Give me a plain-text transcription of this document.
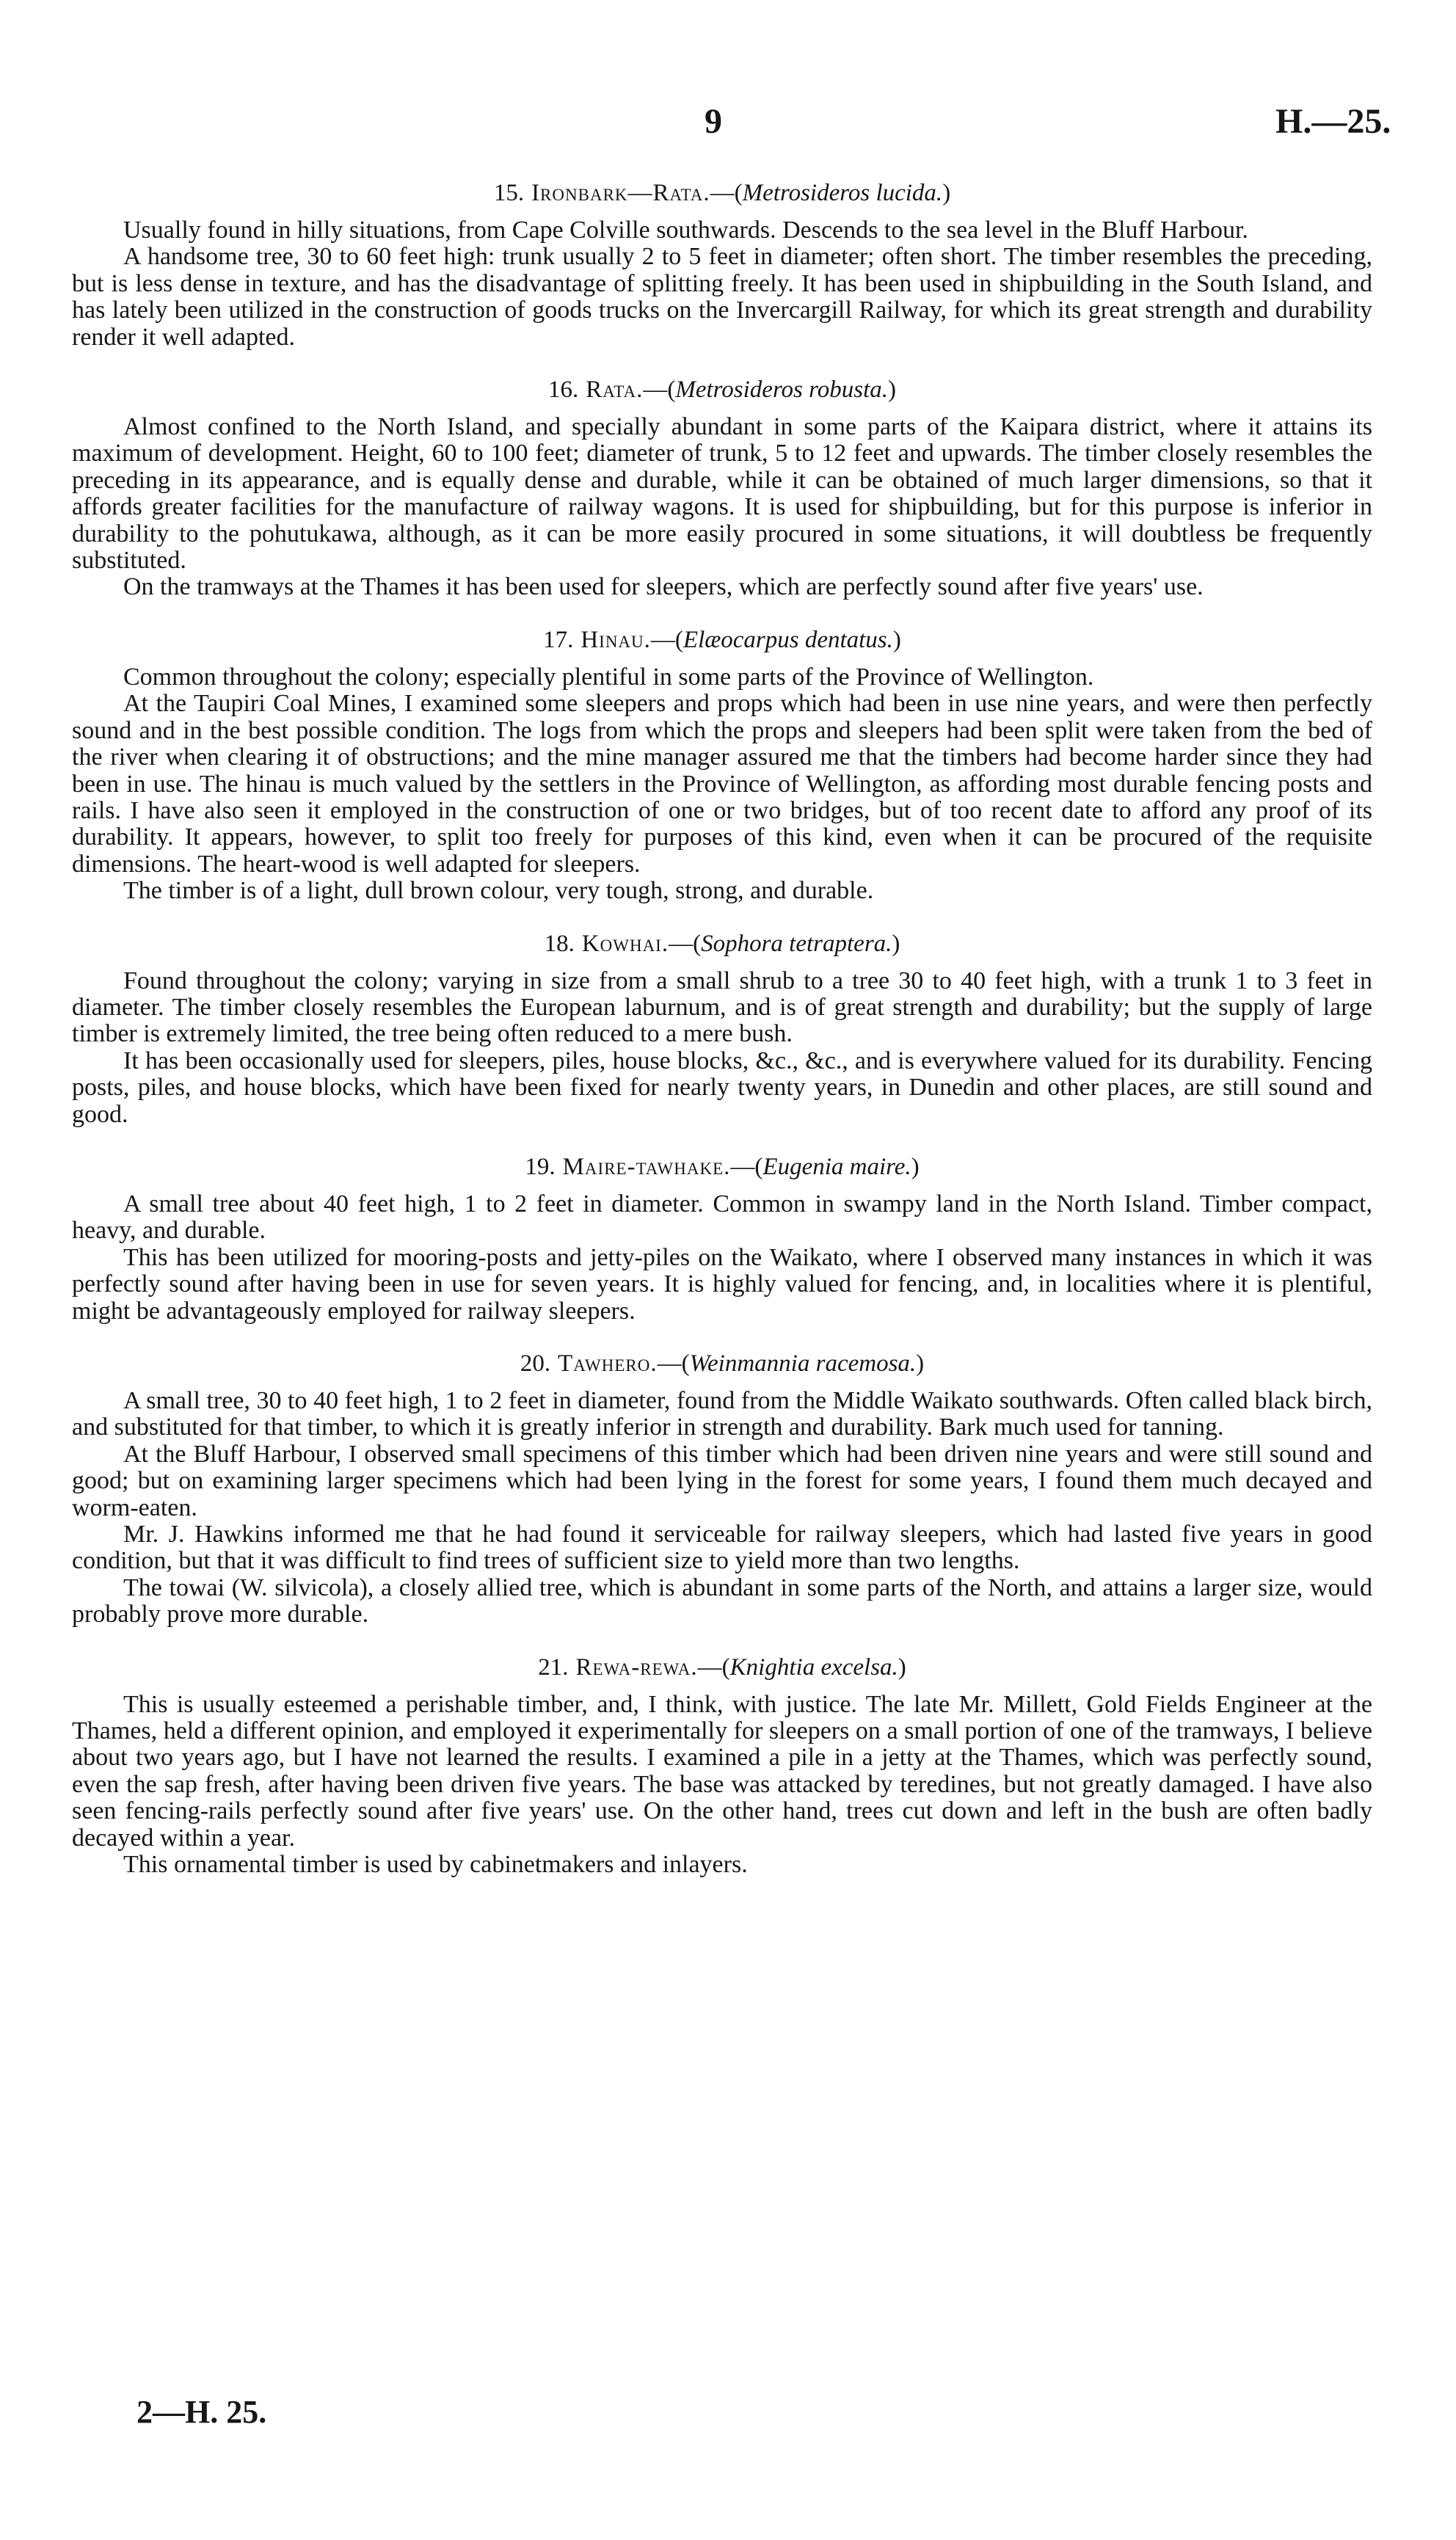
9	H.—25.
15. Ironbark—Rata.—(Metrosideros lucida.)

Usually found in hilly situations, from Cape Colville southwards. Descends to the sea level in the Bluff Harbour.

A handsome tree, 30 to 60 feet high: trunk usually 2 to 5 feet in diameter; often short. The timber resembles the preceding, but is less dense in texture, and has the disadvantage of splitting freely. It has been used in shipbuilding in the South Island, and has lately been utilized in the construction of goods trucks on the Invercargill Railway, for which its great strength and durability render it well adapted.

16. Rata.—(Metrosideros robusta.)

Almost confined to the North Island, and specially abundant in some parts of the Kaipara district, where it attains its maximum of development. Height, 60 to 100 feet; diameter of trunk, 5 to 12 feet and upwards. The timber closely resembles the preceding in its appearance, and is equally dense and durable, while it can be obtained of much larger dimensions, so that it affords greater facilities for the manufacture of railway wagons. It is used for shipbuilding, but for this purpose is inferior in durability to the pohutukawa, although, as it can be more easily procured in some situations, it will doubtless be frequently substituted.

On the tramways at the Thames it has been used for sleepers, which are perfectly sound after five years' use.

17. Hinau.—(Elæocarpus dentatus.)

Common throughout the colony; especially plentiful in some parts of the Province of Wellington.

At the Taupiri Coal Mines, I examined some sleepers and props which had been in use nine years, and were then perfectly sound and in the best possible condition. The logs from which the props and sleepers had been split were taken from the bed of the river when clearing it of obstructions; and the mine manager assured me that the timbers had become harder since they had been in use. The hinau is much valued by the settlers in the Province of Wellington, as affording most durable fencing posts and rails. I have also seen it employed in the construction of one or two bridges, but of too recent date to afford any proof of its durability. It appears, however, to split too freely for purposes of this kind, even when it can be procured of the requisite dimensions. The heart-wood is well adapted for sleepers.

The timber is of a light, dull brown colour, very tough, strong, and durable.

18. Kowhai.—(Sophora tetraptera.)

Found throughout the colony; varying in size from a small shrub to a tree 30 to 40 feet high, with a trunk 1 to 3 feet in diameter. The timber closely resembles the European laburnum, and is of great strength and durability; but the supply of large timber is extremely limited, the tree being often reduced to a mere bush.

It has been occasionally used for sleepers, piles, house blocks, &c., &c., and is everywhere valued for its durability. Fencing posts, piles, and house blocks, which have been fixed for nearly twenty years, in Dunedin and other places, are still sound and good.

19. Maire-tawhake.—(Eugenia maire.)

A small tree about 40 feet high, 1 to 2 feet in diameter. Common in swampy land in the North Island. Timber compact, heavy, and durable.

This has been utilized for mooring-posts and jetty-piles on the Waikato, where I observed many instances in which it was perfectly sound after having been in use for seven years. It is highly valued for fencing, and, in localities where it is plentiful, might be advantageously employed for railway sleepers.

20. Tawhero.—(Weinmannia racemosa.)

A small tree, 30 to 40 feet high, 1 to 2 feet in diameter, found from the Middle Waikato southwards. Often called black birch, and substituted for that timber, to which it is greatly inferior in strength and durability. Bark much used for tanning.

At the Bluff Harbour, I observed small specimens of this timber which had been driven nine years and were still sound and good; but on examining larger specimens which had been lying in the forest for some years, I found them much decayed and worm-eaten.

Mr. J. Hawkins informed me that he had found it serviceable for railway sleepers, which had lasted five years in good condition, but that it was difficult to find trees of sufficient size to yield more than two lengths.

The towai (W. silvicola), a closely allied tree, which is abundant in some parts of the North, and attains a larger size, would probably prove more durable.

21. Rewa-rewa.—(Knightia excelsa.)

This is usually esteemed a perishable timber, and, I think, with justice. The late Mr. Millett, Gold Fields Engineer at the Thames, held a different opinion, and employed it experimentally for sleepers on a small portion of one of the tramways, I believe about two years ago, but I have not learned the results. I examined a pile in a jetty at the Thames, which was perfectly sound, even the sap fresh, after having been driven five years. The base was attacked by teredines, but not greatly damaged. I have also seen fencing-rails perfectly sound after five years' use. On the other hand, trees cut down and left in the bush are often badly decayed within a year.

This ornamental timber is used by cabinetmakers and inlayers.

2—H. 25.
